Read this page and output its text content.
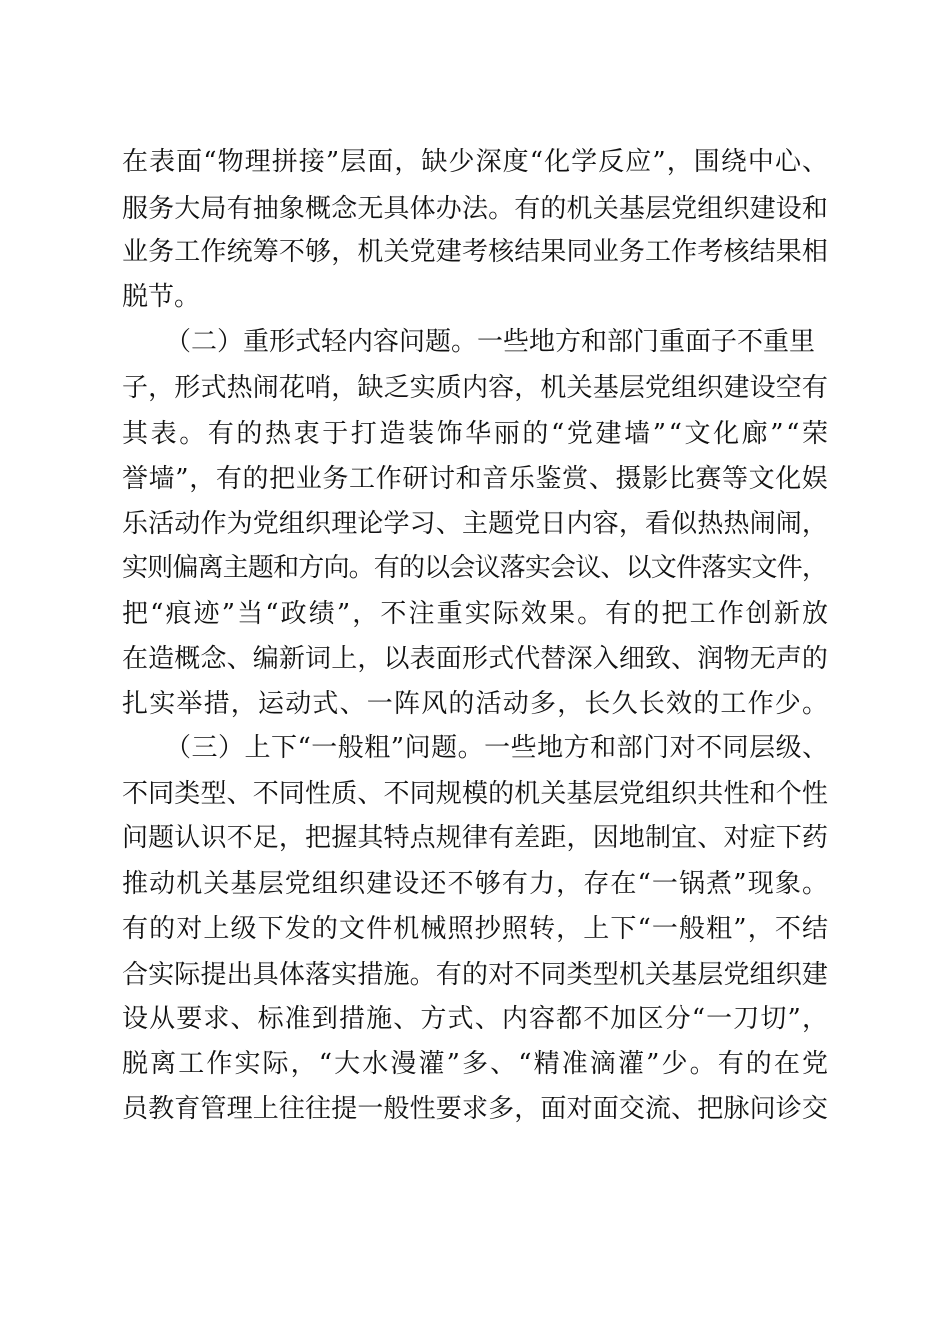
在表面“物理拼接”层面，缺少深度“化学反应”，围绕中心、
服务大局有抽象概念无具体办法。有的机关基层党组织建设和
业务工作统筹不够，机关党建考核结果同业务工作考核结果相
脱节。
（二）重形式轻内容问题。一些地方和部门重面子不重里
子，形式热闹花哨，缺乏实质内容，机关基层党组织建设空有
其表。有的热衷于打造装饰华丽的“党建墙”“文化廊”“荣
誉墙”，有的把业务工作研讨和音乐鉴赏、摄影比赛等文化娱
乐活动作为党组织理论学习、主题党日内容，看似热热闹闹，
实则偏离主题和方向。有的以会议落实会议、以文件落实文件，
把“痕迹”当“政绩”，不注重实际效果。有的把工作创新放
在造概念、编新词上，以表面形式代替深入细致、润物无声的
扎实举措，运动式、一阵风的活动多，长久长效的工作少。
（三）上下“一般粗”问题。一些地方和部门对不同层级、
不同类型、不同性质、不同规模的机关基层党组织共性和个性
问题认识不足，把握其特点规律有差距，因地制宜、对症下药
推动机关基层党组织建设还不够有力，存在“一锅煮”现象。
有的对上级下发的文件机械照抄照转，上下“一般粗”，不结
合实际提出具体落实措施。有的对不同类型机关基层党组织建
设从要求、标准到措施、方式、内容都不加区分“一刀切”，
脱离工作实际，“大水漫灌”多、“精准滴灌”少。有的在党
员教育管理上往往提一般性要求多，面对面交流、把脉问诊交
